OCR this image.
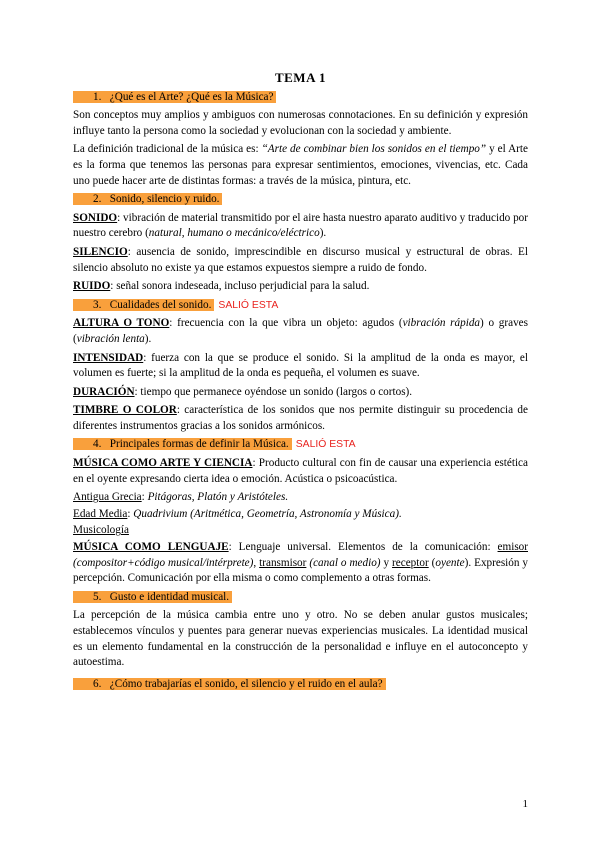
TEMA 1
1. ¿Qué es el Arte? ¿Qué es la Música?

Son conceptos muy amplios y ambiguos con numerosas connotaciones. En su definición y expresión influye tanto la persona como la sociedad y evolucionan con la sociedad y ambiente.

La definición tradicional de la música es: “Arte de combinar bien los sonidos en el tiempo” y el Arte es la forma que tenemos las personas para expresar sentimientos, emociones, vivencias, etc. Cada uno puede hacer arte de distintas formas: a través de la música, pintura, etc.

2. Sonido, silencio y ruido.

SONIDO: vibración de material transmitido por el aire hasta nuestro aparato auditivo y traducido por nuestro cerebro (natural, humano o mecánico/eléctrico).

SILENCIO: ausencia de sonido, imprescindible en discurso musical y estructural de obras. El silencio absoluto no existe ya que estamos expuestos siempre a ruido de fondo.

RUIDO: señal sonora indeseada, incluso perjudicial para la salud.

3. Cualidades del sonido. SALIÓ ESTA

ALTURA O TONO: frecuencia con la que vibra un objeto: agudos (vibración rápida) o graves (vibración lenta).

INTENSIDAD: fuerza con la que se produce el sonido. Si la amplitud de la onda es mayor, el volumen es fuerte; si la amplitud de la onda es pequeña, el volumen es suave.

DURACIÓN: tiempo que permanece oyéndose un sonido (largos o cortos).

TIMBRE O COLOR: característica de los sonidos que nos permite distinguir su procedencia de diferentes instrumentos gracias a los sonidos armónicos.

4. Principales formas de definir la Música. SALIÓ ESTA

MÚSICA COMO ARTE Y CIENCIA: Producto cultural con fin de causar una experiencia estética en el oyente expresando cierta idea o emoción. Acústica o psicoacústica.

Antigua Grecia: Pitágoras, Platón y Aristóteles.
Edad Media: Quadrivium (Aritmética, Geometría, Astronomía y Música).
Musicología

MÚSICA COMO LENGUAJE: Lenguaje universal. Elementos de la comunicación: emisor (compositor+código musical/intérprete), transmisor (canal o medio) y receptor (oyente). Expresión y percepción. Comunicación por ella misma o como complemento a otras formas.

5. Gusto e identidad musical.

La percepción de la música cambia entre uno y otro. No se deben anular gustos musicales; establecemos vínculos y puentes para generar nuevas experiencias musicales. La identidad musical es un elemento fundamental en la construcción de la personalidad e influye en el autoconcepto y autoestima.

6. ¿Cómo trabajarías el sonido, el silencio y el ruido en el aula?
1
